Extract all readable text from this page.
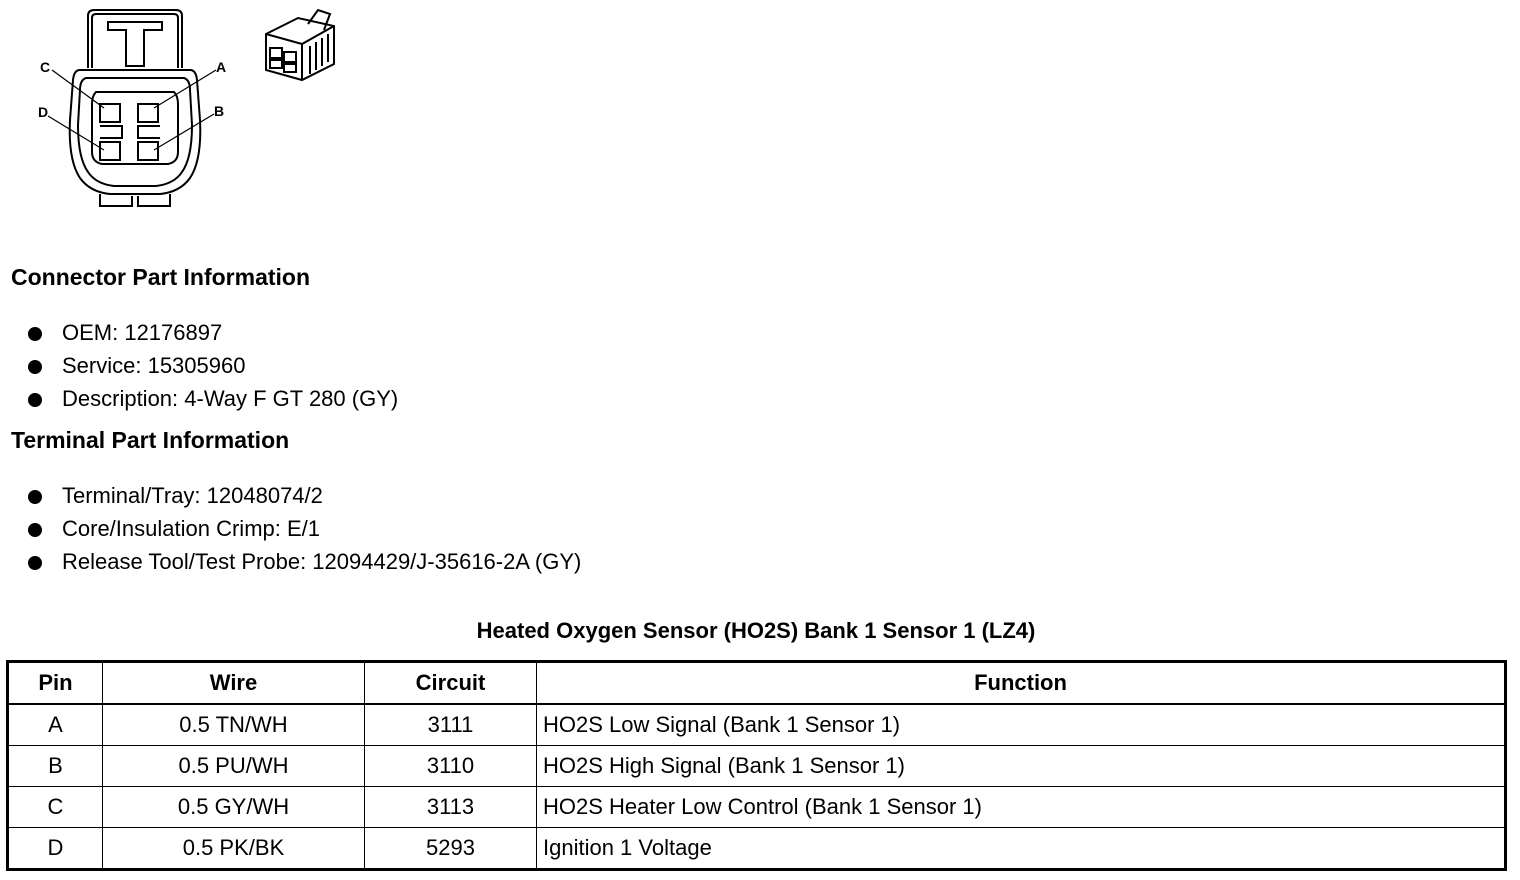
C	A
D	B
Connector Part Information
OEM: 12176897
Service: 15305960
Description: 4-Way F GT 280 (GY)
Terminal Part Information
Terminal/Tray: 12048074/2
Core/Insulation Crimp: E/1
Release Tool/Test Probe: 12094429/J-35616-2A (GY)
Heated Oxygen Sensor (HO2S) Bank 1 Sensor 1 (LZ4)
Pin	Wire	Circuit	Function
A	0.5 TN/WH	3111	HO2S Low Signal (Bank 1 Sensor 1)
B	0.5 PU/WH	3110	HO2S High Signal (Bank 1 Sensor 1)
C	0.5 GY/WH	3113	HO2S Heater Low Control (Bank 1 Sensor 1)
D	0.5 PK/BK	5293	Ignition 1 Voltage
